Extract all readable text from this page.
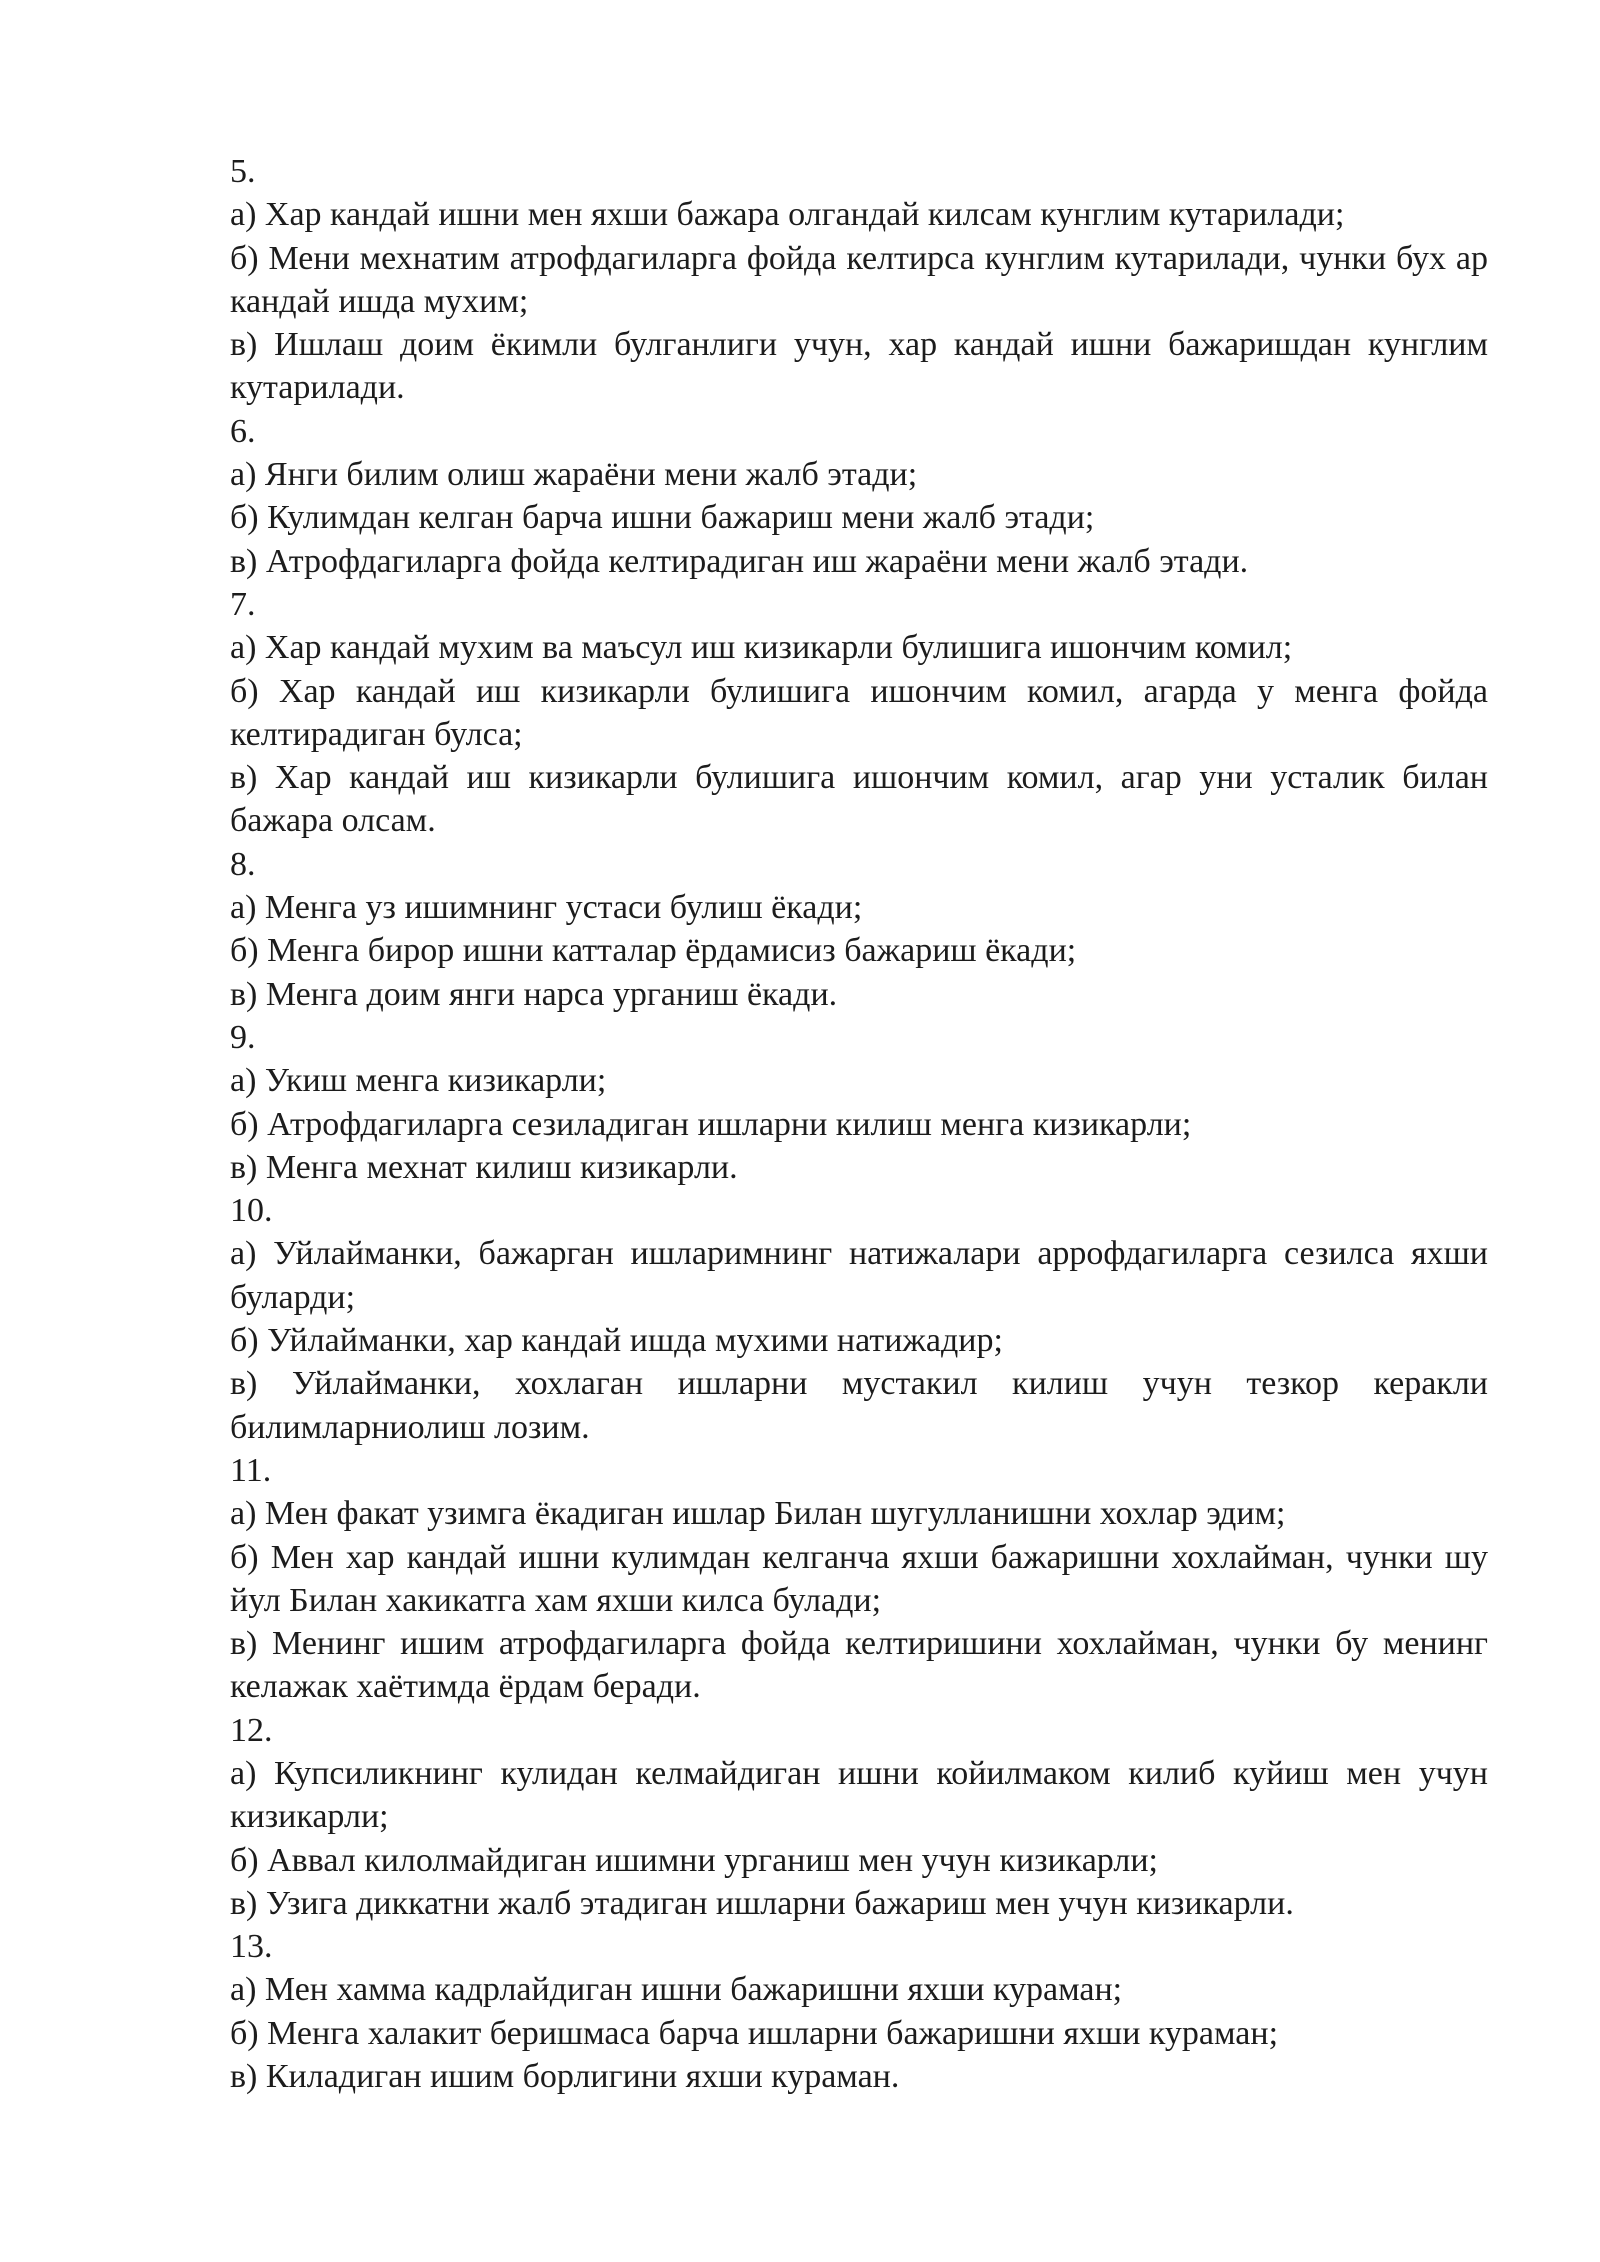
5.
а) Хар кандай ишни мен яхши бажара олгандай килсам кунглим кутарилади;
б) Мени мехнатим атрофдагиларга фойда келтирса кунглим кутарилади, чунки бух ар кандай ишда мухим;
в) Ишлаш доим ёкимли булганлиги учун, хар кандай ишни бажаришдан кунглим кутарилади.
6.
а) Янги билим олиш жараёни мени жалб этади;
б) Кулимдан келган барча ишни бажариш мени жалб этади;
в) Атрофдагиларга фойда келтирадиган иш жараёни мени жалб этади.
7.
а) Хар кандай мухим ва маъсул иш кизикарли булишига ишончим комил;
б) Хар кандай иш кизикарли булишига ишончим комил, агарда у менга фойда келтирадиган булса;
в) Хар кандай иш кизикарли булишига ишончим комил, агар уни усталик билан бажара олсам.
8.
а) Менга уз ишимнинг устаси булиш ёкади;
б) Менга бирор ишни катталар ёрдамисиз бажариш ёкади;
в) Менга доим янги нарса урганиш ёкади.
9.
а) Укиш менга кизикарли;
б) Атрофдагиларга сезиладиган ишларни килиш менга кизикарли;
в) Менга мехнат килиш кизикарли.
10.
а) Уйлайманки, бажарган ишларимнинг натижалари аррофдагиларга сезилса яхши буларди;
б) Уйлайманки, хар кандай ишда мухими натижадир;
в) Уйлайманки, хохлаган ишларни мустакил килиш учун тезкор керакли билимларниолиш лозим.
11.
а) Мен факат узимга ёкадиган ишлар Билан шугулланишни хохлар эдим;
б) Мен хар кандай ишни кулимдан келганча яхши бажаришни хохлайман, чунки шу йул Билан хакикатга хам яхши килса булади;
в) Менинг ишим атрофдагиларга фойда келтиришини хохлайман, чунки бу менинг келажак хаётимда ёрдам беради.
12.
а) Купсиликнинг кулидан келмайдиган ишни койилмаком килиб куйиш мен учун кизикарли;
б) Аввал килолмайдиган ишимни урганиш мен учун кизикарли;
в) Узига диккатни жалб этадиган ишларни бажариш мен учун кизикарли.
13.
а) Мен хамма кадрлайдиган ишни бажаришни яхши кураман;
б) Менга халакит беришмаса барча ишларни бажаришни яхши кураман;
в) Киладиган ишим борлигини яхши кураман.
